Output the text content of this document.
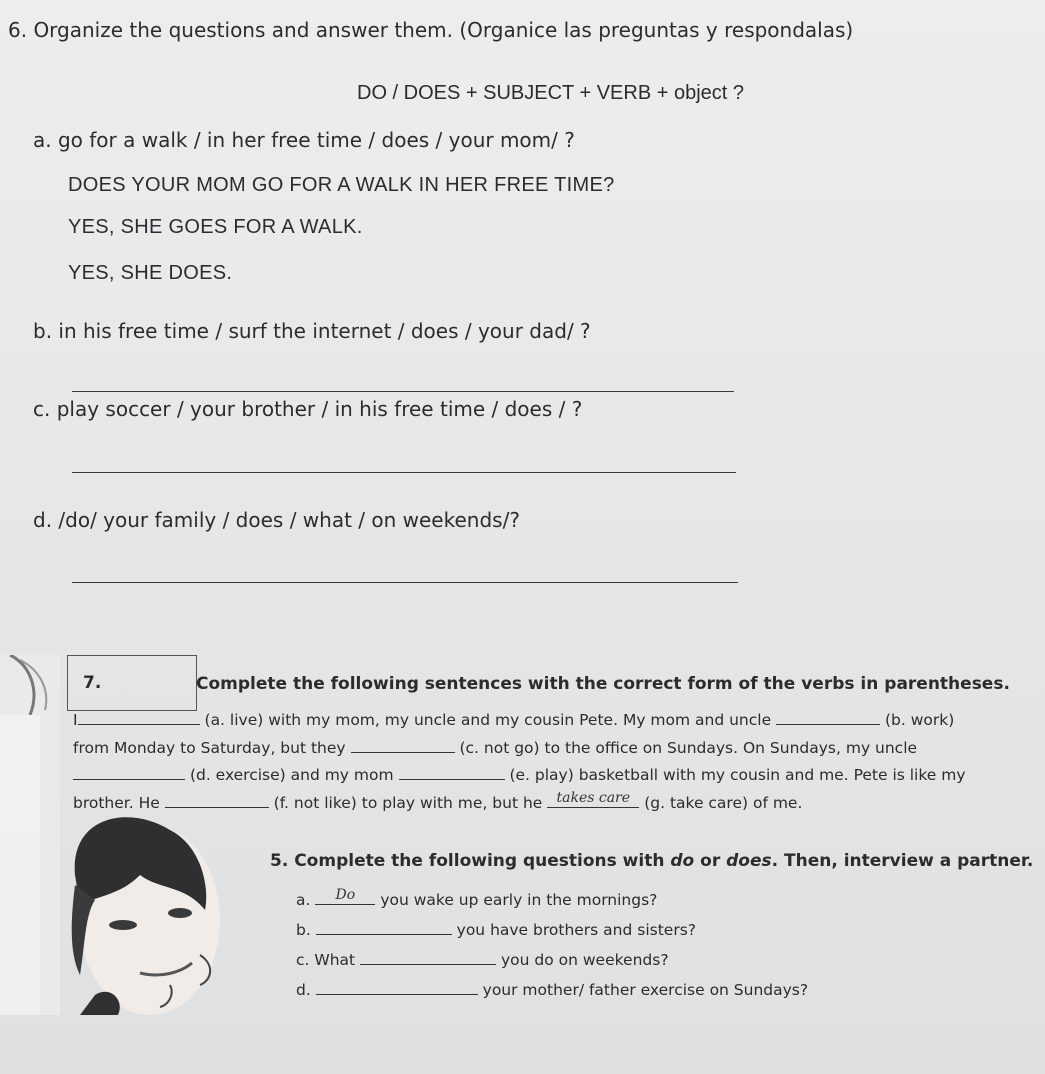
6. Organize the questions and answer them. (Organice las preguntas y respondalas)
DO / DOES + SUBJECT + VERB + object ?
a. go for a walk / in her free time / does / your mom/ ?
DOES YOUR MOM GO FOR A WALK IN HER FREE TIME?
YES, SHE GOES FOR A WALK.
YES, SHE DOES.
b. in his free time / surf the internet / does / your dad/ ?
c. play soccer / your brother / in his free time / does / ?
d. /do/ your family / does / what / on weekends/?
7.	Complete the following sentences with the correct form of the verbs in parentheses.
I	(a. live) with my mom, my uncle and my cousin Pete. My mom and uncle	(b. work)
from Monday to Saturday, but they	(c. not go) to the office on Sundays. On Sundays, my uncle
(d. exercise) and my mom	(e. play) basketball with my cousin and me. Pete is like my
brother. He	(f. not like) to play with me, but he	takes care (g. take care) of me.
5. Complete the following questions with do or does. Then, interview a partner.
a.	Do	you wake up early in the mornings?
b.	you have brothers and sisters?
c. What	you do on weekends?
d.	your mother/ father exercise on Sundays?
